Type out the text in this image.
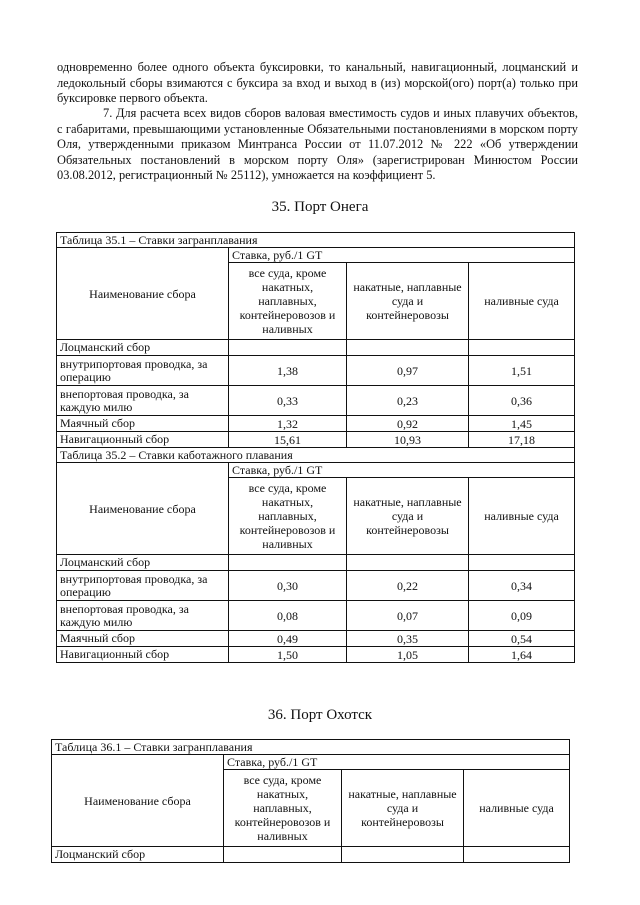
одновременно более одного объекта буксировки, то канальный, навигационный, лоцманский и ледокольный сборы взимаются с буксира за вход и выход в (из) морской(ого) порт(а) только при буксировке первого объекта.

7. Для расчета всех видов сборов валовая вместимость судов и иных плавучих объектов, с габаритами, превышающими установленные Обязательными постановлениями в морском порту Оля, утвержденными приказом Минтранса России от 11.07.2012 № 222 «Об утверждении Обязательных постановлений в морском порту Оля» (зарегистрирован Минюстом России 03.08.2012, регистрационный № 25112), умножается на коэффициент 5.

35. Порт Онега
Таблица 35.1 – Ставки загранплавания			
Наименование сбора	Ставка, руб./1 GT		
	все суда, кроме накатных, наплавных, контейнеровозов и наливных	накатные, наплавные суда и контейнеровозы	наливные суда
Лоцманский сбор			
внутрипортовая проводка, за операцию	1,38	0,97	1,51
внепортовая проводка, за каждую милю	0,33	0,23	0,36
Маячный сбор	1,32	0,92	1,45
Навигационный сбор	15,61	10,93	17,18
Таблица 35.2 – Ставки каботажного плавания			
Наименование сбора	Ставка, руб./1 GT		
	все суда, кроме накатных, наплавных, контейнеровозов и наливных	накатные, наплавные суда и контейнеровозы	наливные суда
Лоцманский сбор			
внутрипортовая проводка, за операцию	0,30	0,22	0,34
внепортовая проводка, за каждую милю	0,08	0,07	0,09
Маячный сбор	0,49	0,35	0,54
Навигационный сбор	1,50	1,05	1,64
36. Порт Охотск
Таблица 36.1 – Ставки загранплавания			
Наименование сбора	Ставка, руб./1 GT		
	все суда, кроме накатных, наплавных, контейнеровозов и наливных	накатные, наплавные суда и контейнеровозы	наливные суда
Лоцманский сбор			
